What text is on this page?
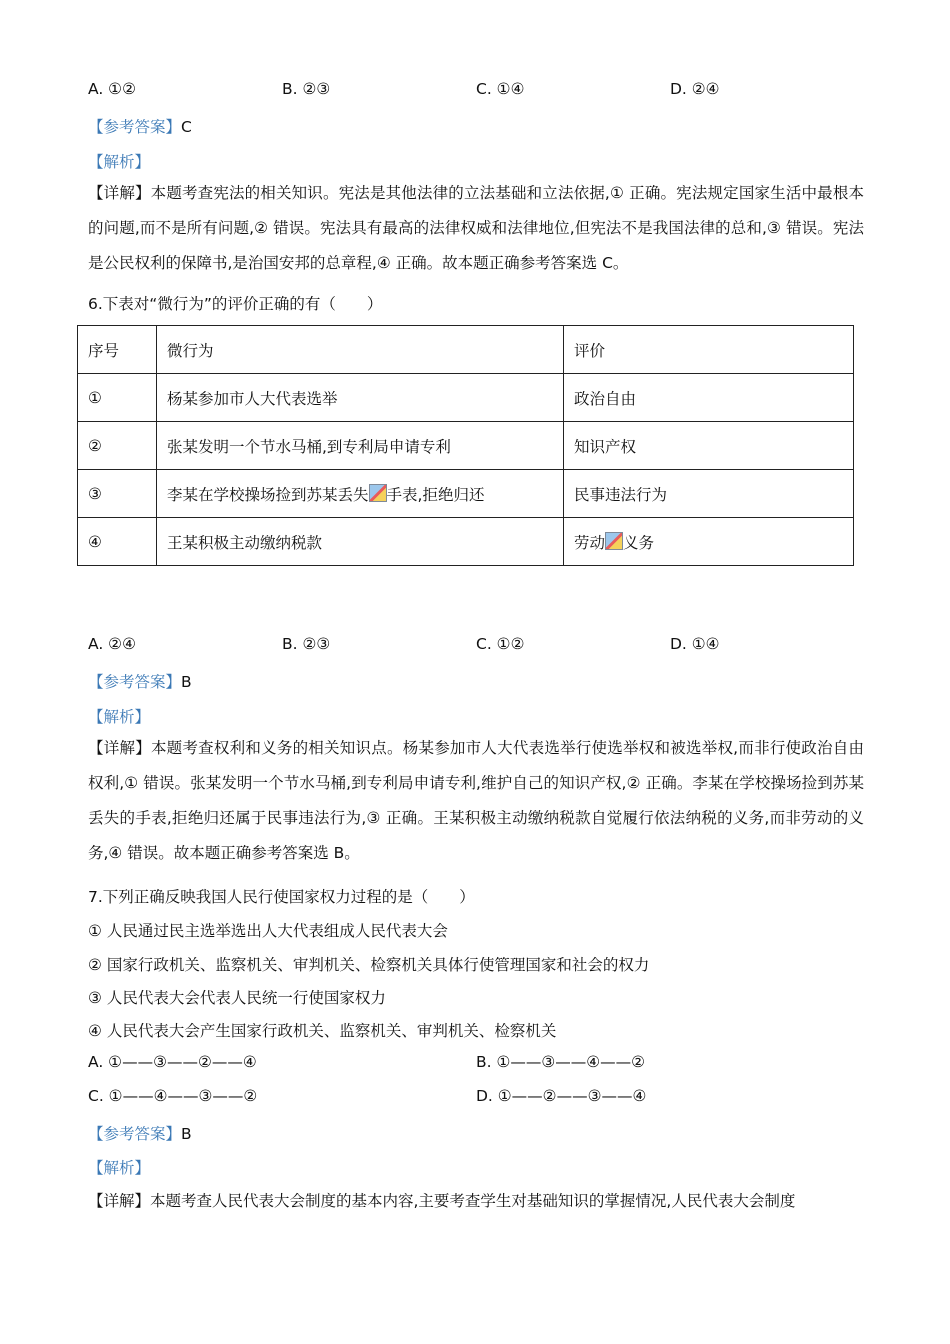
A. ①②	B. ②③	C. ①④	D. ②④
【参考答案】C
【解析】
【详解】本题考查宪法的相关知识。宪法是其他法律的立法基础和立法依据,① 正确。宪法规定国家生活中最根本的问题,而不是所有问题,② 错误。宪法具有最高的法律权威和法律地位,但宪法不是我国法律的总和,③ 错误。宪法是公民权利的保障书,是治国安邦的总章程,④ 正确。故本题正确参考答案选 C。
6.下表对“微行为”的评价正确的有（　　）
序号	微行为	评价
①	杨某参加市人大代表选举	政治自由
②	张某发明一个节水马桶,到专利局申请专利	知识产权
③	李某在学校操场捡到苏某丢失 手表,拒绝归还	民事违法行为
④	王某积极主动缴纳税款	劳动 义务
A. ②④	B. ②③	C. ①②	D. ①④
【参考答案】B
【解析】
【详解】本题考查权利和义务的相关知识点。杨某参加市人大代表选举行使选举权和被选举权,而非行使政治自由权利,① 错误。张某发明一个节水马桶,到专利局申请专利,维护自己的知识产权,② 正确。李某在学校操场捡到苏某丢失的手表,拒绝归还属于民事违法行为,③ 正确。王某积极主动缴纳税款自觉履行依法纳税的义务,而非劳动的义务,④ 错误。故本题正确参考答案选 B。
7.下列正确反映我国人民行使国家权力过程的是（　　）
① 人民通过民主选举选出人大代表组成人民代表大会
② 国家行政机关、监察机关、审判机关、检察机关具体行使管理国家和社会的权力
③ 人民代表大会代表人民统一行使国家权力
④ 人民代表大会产生国家行政机关、监察机关、审判机关、检察机关
A. ①——③——②——④	B. ①——③——④——②
C. ①——④——③——②	D. ①——②——③——④
【参考答案】B
【解析】
【详解】本题考查人民代表大会制度的基本内容,主要考查学生对基础知识的掌握情况,人民代表大会制度
